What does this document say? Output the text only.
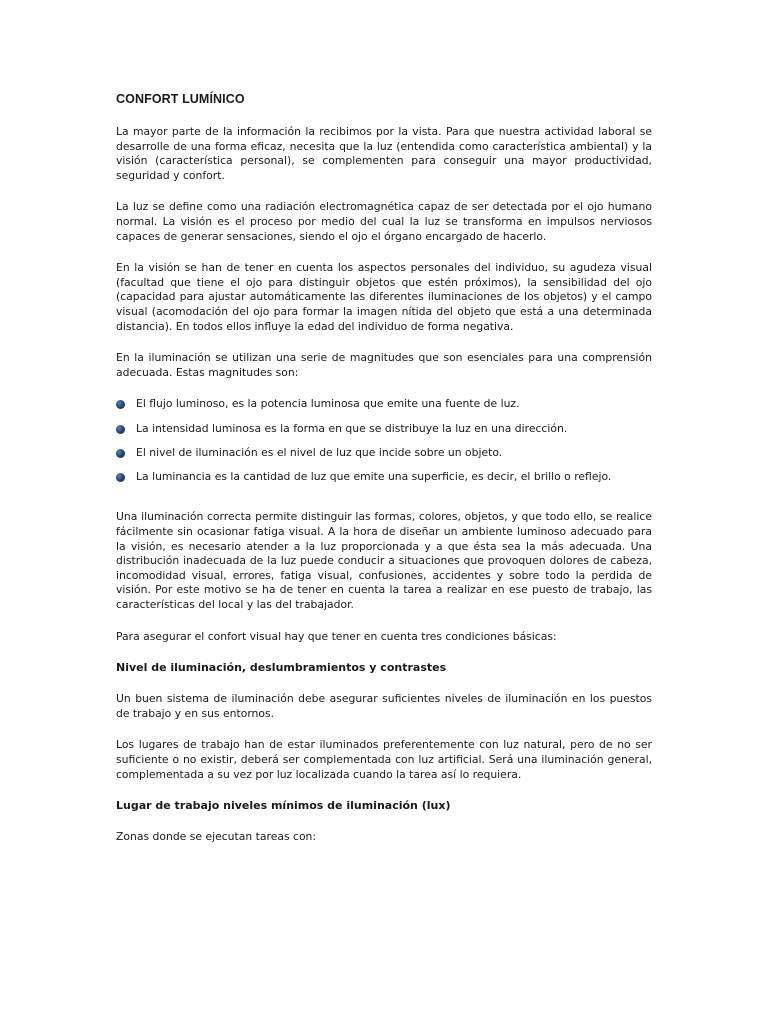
CONFORT LUMÍNICO

La mayor parte de la información la recibimos por la vista. Para que nuestra actividad laboral se desarrolle de una forma eficaz, necesita que la luz (entendida como característica ambiental) y la visión (característica personal), se complementen para conseguir una mayor productividad, seguridad y confort.

La luz se define como una radiación electromagnética capaz de ser detectada por el ojo humano normal. La visión es el proceso por medio del cual la luz se transforma en impulsos nerviosos capaces de generar sensaciones, siendo el ojo el órgano encargado de hacerlo.

En la visión se han de tener en cuenta los aspectos personales del individuo, su agudeza visual (facultad que tiene el ojo para distinguir objetos que estén próximos), la sensibilidad del ojo (capacidad para ajustar automáticamente las diferentes iluminaciones de los objetos) y el campo visual (acomodación del ojo para formar la imagen nítida del objeto que está a una determinada distancia). En todos ellos influye la edad del individuo de forma negativa.

En la iluminación se utilizan una serie de magnitudes que son esenciales para una comprensión adecuada. Estas magnitudes son:

El flujo luminoso, es la potencia luminosa que emite una fuente de luz.
La intensidad luminosa es la forma en que se distribuye la luz en una dirección.
El nivel de iluminación es el nivel de luz que incide sobre un objeto.
La luminancia es la cantidad de luz que emite una superficie, es decir, el brillo o reflejo.

Una iluminación correcta permite distinguir las formas, colores, objetos, y que todo ello, se realice fácilmente sin ocasionar fatiga visual. A la hora de diseñar un ambiente luminoso adecuado para la visión, es necesario atender a la luz proporcionada y a que ésta sea la más adecuada. Una distribución inadecuada de la luz puede conducir a situaciones que provoquen dolores de cabeza, incomodidad visual, errores, fatiga visual, confusiones, accidentes y sobre todo la perdida de visión. Por este motivo se ha de tener en cuenta la tarea a realizar en ese puesto de trabajo, las características del local y las del trabajador.

Para asegurar el confort visual hay que tener en cuenta tres condiciones básicas:

Nivel de iluminación, deslumbramientos y contrastes

Un buen sistema de iluminación debe asegurar suficientes niveles de iluminación en los puestos de trabajo y en sus entornos.

Los lugares de trabajo han de estar iluminados preferentemente con luz natural, pero de no ser suficiente o no existir, deberá ser complementada con luz artificial. Será una iluminación general, complementada a su vez por luz localizada cuando la tarea así lo requiera.

Lugar de trabajo niveles mínimos de iluminación (lux)

Zonas donde se ejecutan tareas con:
